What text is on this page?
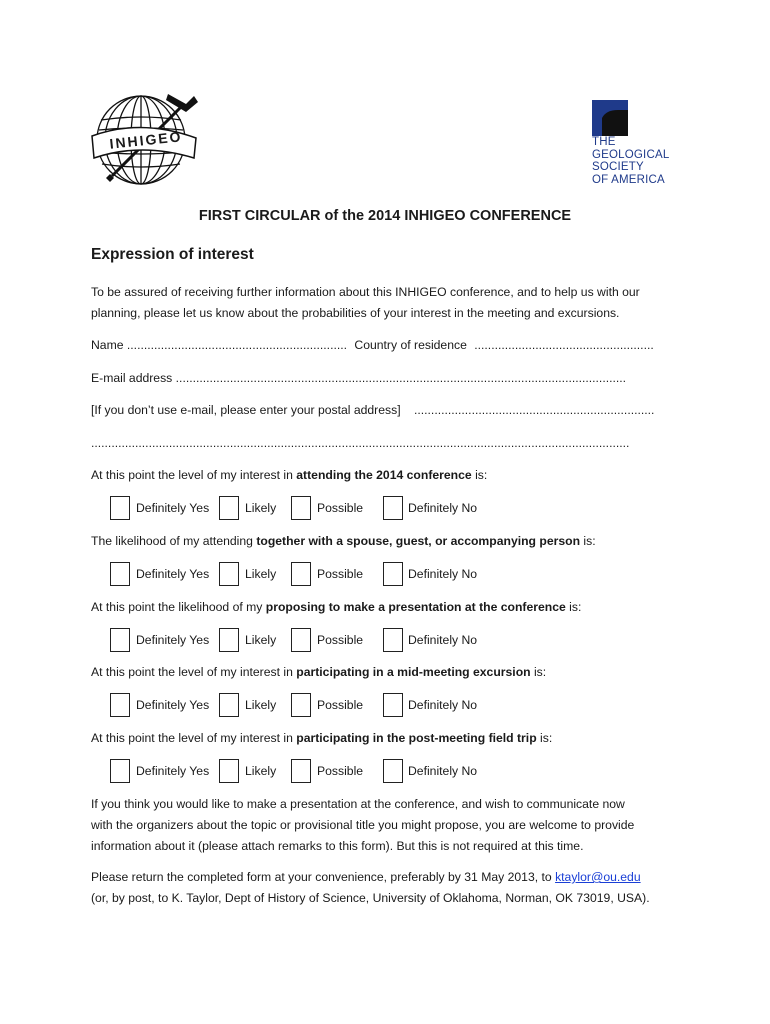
INHIGEO	THE
GEOLOGICAL
SOCIETY
OF AMERICA
FIRST CIRCULAR of the 2014 INHIGEO CONFERENCE
Expression of interest
To be assured of receiving further information about this INHIGEO conference, and to help us with our
planning, please let us know about the probabilities of your interest in the meeting and excursions.
Name ................................................................. Country of residence .....................................................
E-mail address .....................................................................................................................................
[If you don’t use e-mail, please enter your postal address] .......................................................................
...............................................................................................................................................................
At this point the level of my interest in attending the 2014 conference is:
Definitely Yes	Likely	Possible	Definitely No
The likelihood of my attending together with a spouse, guest, or accompanying person is:
Definitely Yes	Likely	Possible	Definitely No
At this point the likelihood of my proposing to make a presentation at the conference is:
Definitely Yes	Likely	Possible	Definitely No
At this point the level of my interest in participating in a mid-meeting excursion is:
Definitely Yes	Likely	Possible	Definitely No
At this point the level of my interest in participating in the post-meeting field trip is:
Definitely Yes	Likely	Possible	Definitely No
If you think you would like to make a presentation at the conference, and wish to communicate now
with the organizers about the topic or provisional title you might propose, you are welcome to provide
information about it (please attach remarks to this form). But this is not required at this time.
Please return the completed form at your convenience, preferably by 31 May 2013, to ktaylor@ou.edu
(or, by post, to K. Taylor, Dept of History of Science, University of Oklahoma, Norman, OK 73019, USA).
